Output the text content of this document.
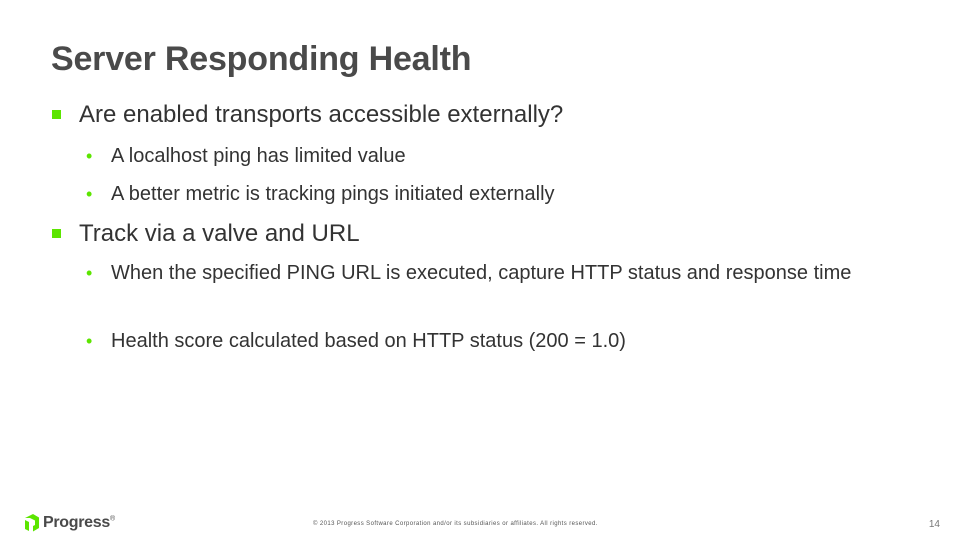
Server Responding Health
Are enabled transports accessible externally?
• A localhost ping has limited value
• A better metric is tracking pings initiated externally
Track via a valve and URL
• When the specified PING URL is executed, capture HTTP status and response time
• Health score calculated based on HTTP status (200 = 1.0)
Progress®
© 2013 Progress Software Corporation and/or its subsidiaries or affiliates. All rights reserved.	14
